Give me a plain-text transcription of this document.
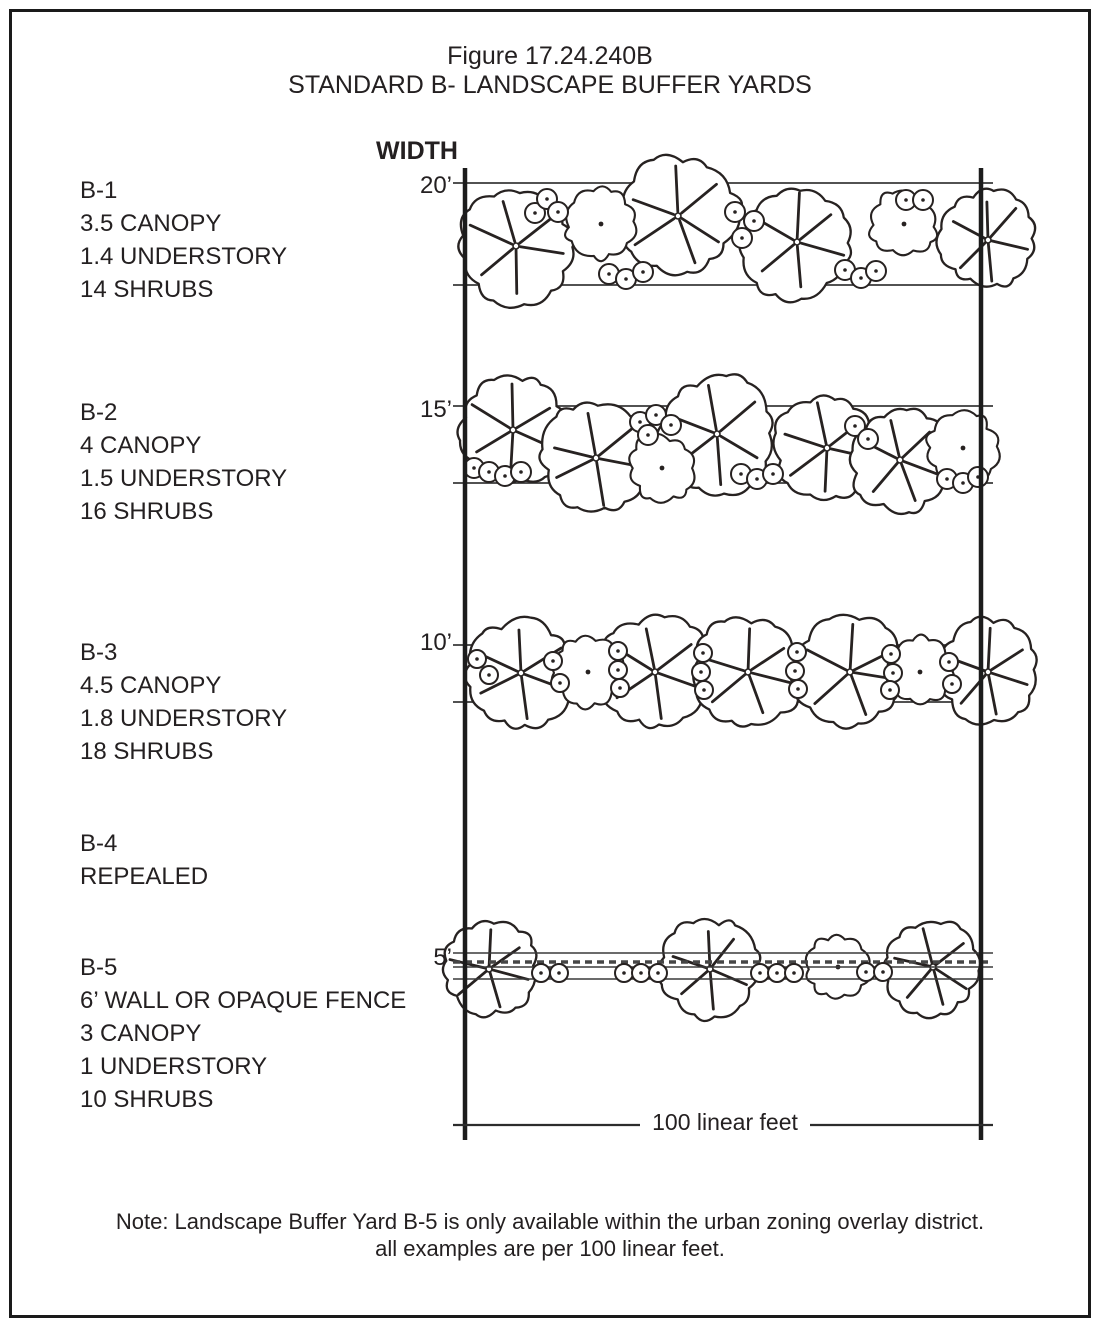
Figure 17.24.240B
STANDARD B- LANDSCAPE BUFFER YARDS
WIDTH
20’
15’
10’
5’
B-1
3.5 CANOPY
1.4 UNDERSTORY
14 SHRUBS
B-2
4 CANOPY
1.5 UNDERSTORY
16 SHRUBS
B-3
4.5 CANOPY
1.8 UNDERSTORY
18 SHRUBS
B-4
REPEALED
B-5
6’ WALL OR OPAQUE FENCE
3 CANOPY
1 UNDERSTORY
10 SHRUBS
100 linear feet
Note: Landscape Buffer Yard B-5 is only available within the urban zoning overlay district.
all examples are per 100 linear feet.
